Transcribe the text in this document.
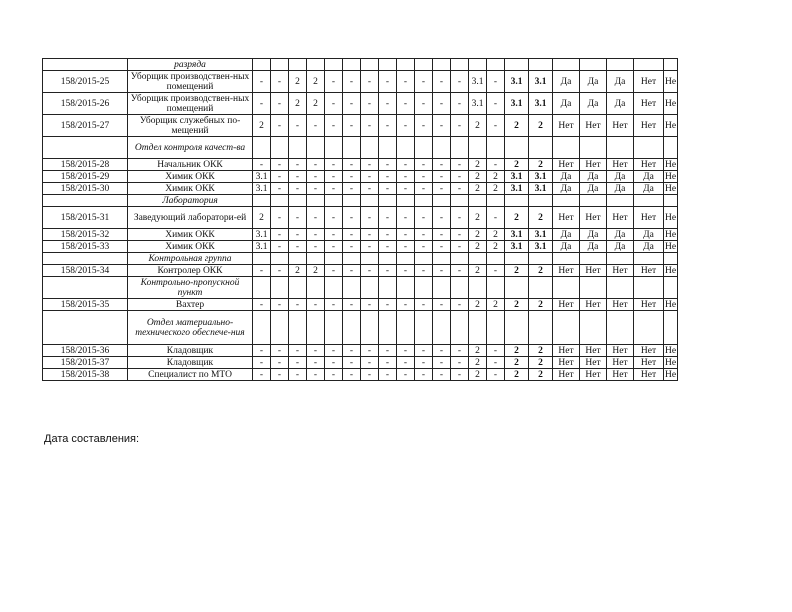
	разряда																					
158/2015-25	Уборщик производствен-ных помещений	-	-	2	2	-	-	-	-	-	-	-	-	3.1	-	3.1	3.1	Да	Да	Да	Нет	Не
158/2015-26	Уборщик производствен-ных помещений	-	-	2	2	-	-	-	-	-	-	-	-	3.1	-	3.1	3.1	Да	Да	Да	Нет	Не
158/2015-27	Уборщик служебных по-мещений	2	-	-	-	-	-	-	-	-	-	-	-	2	-	2	2	Нет	Нет	Нет	Нет	Не
	Отдел контроля качест-ва																					
158/2015-28	Начальник ОКК	-	-	-	-	-	-	-	-	-	-	-	-	2	-	2	2	Нет	Нет	Нет	Нет	Не
158/2015-29	Химик ОКК	3.1	-	-	-	-	-	-	-	-	-	-	-	2	2	3.1	3.1	Да	Да	Да	Да	Не
158/2015-30	Химик ОКК	3.1	-	-	-	-	-	-	-	-	-	-	-	2	2	3.1	3.1	Да	Да	Да	Да	Не
	Лаборатория																					
158/2015-31	Заведующий лаборатори-ей	2	-	-	-	-	-	-	-	-	-	-	-	2	-	2	2	Нет	Нет	Нет	Нет	Не
158/2015-32	Химик ОКК	3.1	-	-	-	-	-	-	-	-	-	-	-	2	2	3.1	3.1	Да	Да	Да	Да	Не
158/2015-33	Химик ОКК	3.1	-	-	-	-	-	-	-	-	-	-	-	2	2	3.1	3.1	Да	Да	Да	Да	Не
	Контрольная группа																					
158/2015-34	Контролер ОКК	-	-	2	2	-	-	-	-	-	-	-	-	2	-	2	2	Нет	Нет	Нет	Нет	Не
	Контрольно-пропускной пункт																					
158/2015-35	Вахтер	-	-	-	-	-	-	-	-	-	-	-	-	2	2	2	2	Нет	Нет	Нет	Нет	Не
	Отдел материально-технического обеспече-ния																					
158/2015-36	Кладовщик	-	-	-	-	-	-	-	-	-	-	-	-	2	-	2	2	Нет	Нет	Нет	Нет	Не
158/2015-37	Кладовщик	-	-	-	-	-	-	-	-	-	-	-	-	2	-	2	2	Нет	Нет	Нет	Нет	Не
158/2015-38	Специалист по МТО	-	-	-	-	-	-	-	-	-	-	-	-	2	-	2	2	Нет	Нет	Нет	Нет	Не
Дата составления:
